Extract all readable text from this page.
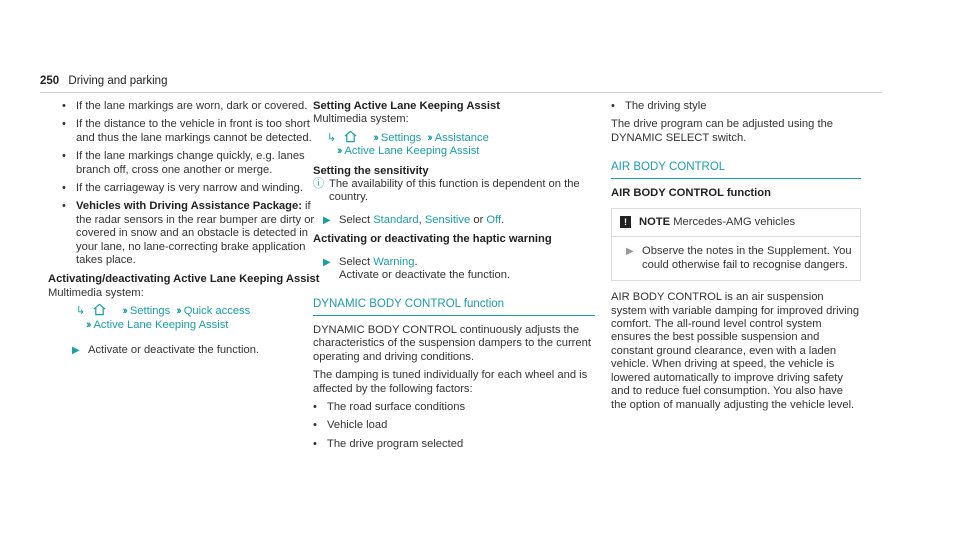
250 Driving and parking
• If the lane markings are worn, dark or covered.
• If the distance to the vehicle in front is too short and thus the lane markings cannot be detected.
• If the lane markings change quickly, e.g. lanes branch off, cross one another or merge.
• If the carriageway is very narrow and winding.
• Vehicles with Driving Assistance Package: if the radar sensors in the rear bumper are dirty or covered in snow and an obstacle is detected in your lane, no lane-correcting brake application takes place.
Activating/deactivating Active Lane Keeping Assist
Multimedia system:
↳	›› Settings ›› Quick access
›› Active Lane Keeping Assist
▶ Activate or deactivate the function.
Setting Active Lane Keeping Assist
Multimedia system:
↳	›› Settings ›› Assistance
›› Active Lane Keeping Assist
Setting the sensitivity
ⓘ The availability of this function is dependent on the country.
▶ Select Standard, Sensitive or Off.
Activating or deactivating the haptic warning
▶ Select Warning.
Activate or deactivate the function.
DYNAMIC BODY CONTROL function
DYNAMIC BODY CONTROL continuously adjusts the characteristics of the suspension dampers to the current operating and driving conditions.
The damping is tuned individually for each wheel and is affected by the following factors:
• The road surface conditions
• Vehicle load
• The drive program selected
• The driving style
The drive program can be adjusted using the DYNAMIC SELECT switch.
AIR BODY CONTROL
AIR BODY CONTROL function
! NOTE Mercedes-AMG vehicles
▶ Observe the notes in the Supplement. You could otherwise fail to recognise dangers.
AIR BODY CONTROL is an air suspension system with variable damping for improved driving comfort. The all-round level control system ensures the best possible suspension and constant ground clearance, even with a laden vehicle. When driving at speed, the vehicle is lowered automatically to improve driving safety and to reduce fuel consumption. You also have the option of manually adjusting the vehicle level.
